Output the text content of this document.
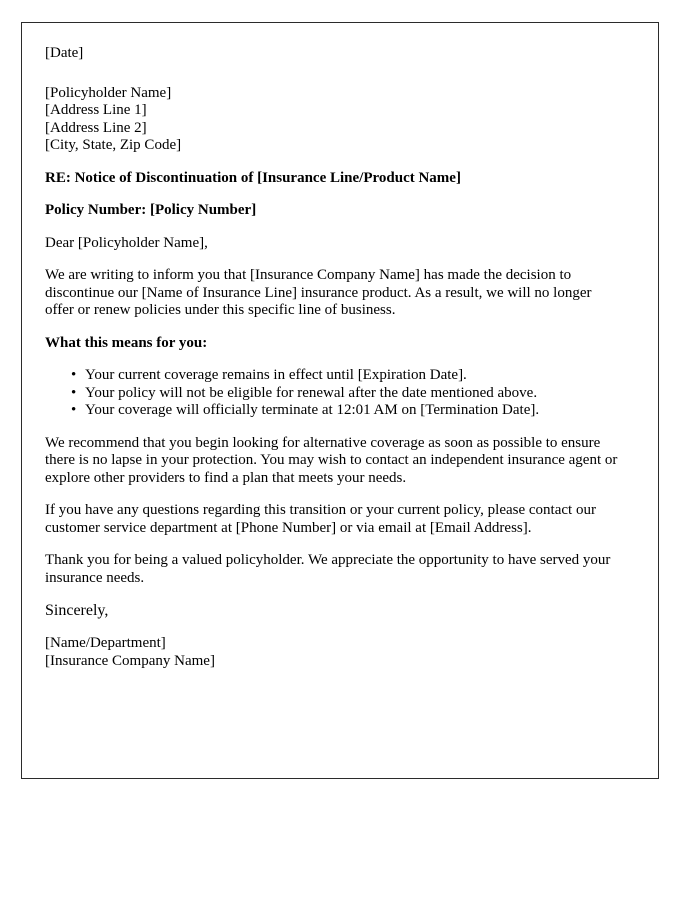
[Date]
[Policyholder Name]
[Address Line 1]
[Address Line 2]
[City, State, Zip Code]
RE: Notice of Discontinuation of [Insurance Line/Product Name]
Policy Number: [Policy Number]
Dear [Policyholder Name],
We are writing to inform you that [Insurance Company Name] has made the decision to discontinue our [Name of Insurance Line] insurance product. As a result, we will no longer offer or renew policies under this specific line of business.
What this means for you:
• Your current coverage remains in effect until [Expiration Date].
• Your policy will not be eligible for renewal after the date mentioned above.
• Your coverage will officially terminate at 12:01 AM on [Termination Date].
We recommend that you begin looking for alternative coverage as soon as possible to ensure there is no lapse in your protection. You may wish to contact an independent insurance agent or explore other providers to find a plan that meets your needs.
If you have any questions regarding this transition or your current policy, please contact our customer service department at [Phone Number] or via email at [Email Address].
Thank you for being a valued policyholder. We appreciate the opportunity to have served your insurance needs.
Sincerely,
[Name/Department]
[Insurance Company Name]
